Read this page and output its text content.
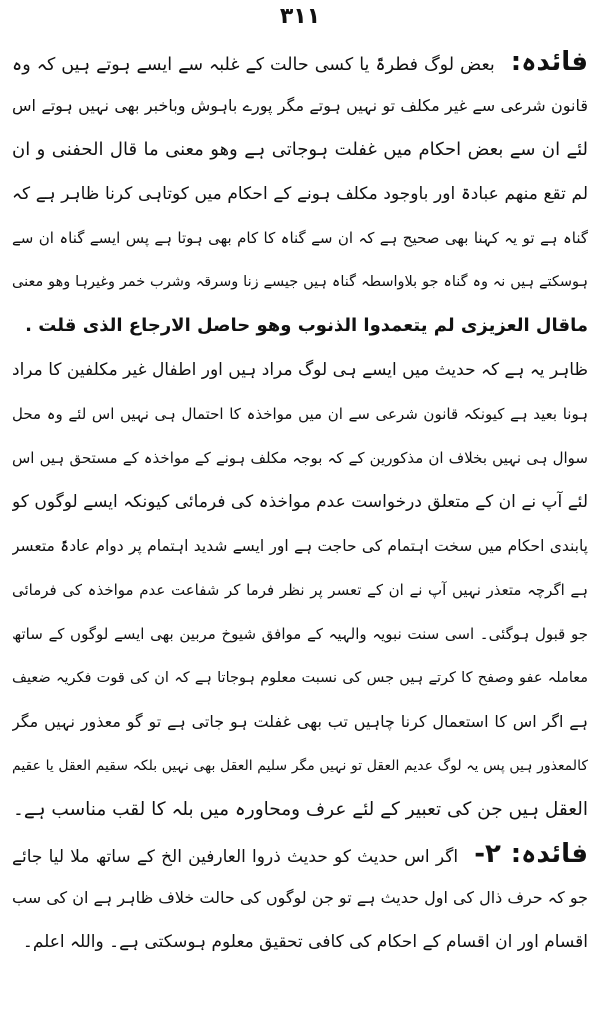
۳۱۱
فائدہ: بعض لوگ فطرۃً یا کسی حالت کے غلبہ سے ایسے ہوتے ہیں کہ وہ
قانون شرعی سے غیر مکلف تو نہیں ہوتے مگر پورے باہوش وباخبر بھی نہیں ہوتے اس
لئے ان سے بعض احکام میں غفلت ہوجاتی ہے وھو معنی ما قال الحفنی و ان
لم تقع منھم عبادۃ اور باوجود مکلف ہونے کے احکام میں کوتاہی کرنا ظاہر ہے کہ
گناہ ہے تو یہ کہنا بھی صحیح ہے کہ ان سے گناہ کا کام بھی ہوتا ہے پس ایسے گناہ ان سے
ہوسکتے ہیں نہ وہ گناہ جو بلاواسطہ گناہ ہیں جیسے زنا وسرقہ وشرب خمر وغیرہا وھو معنی
ماقال العزیزی لم یتعمدوا الذنوب وھو حاصل الارجاع الذی قلت .
ظاہر یہ ہے کہ حدیث میں ایسے ہی لوگ مراد ہیں اور اطفال غیر مکلفین کا مراد
ہونا بعید ہے کیونکہ قانون شرعی سے ان میں مواخذہ کا احتمال ہی نہیں اس لئے وہ محل
سوال ہی نہیں بخلاف ان مذکورین کے کہ بوجہ مکلف ہونے کے مواخذہ کے مستحق ہیں اس
لئے آپ نے ان کے متعلق درخواست عدم مواخذہ کی فرمائی کیونکہ ایسے لوگوں کو
پابندی احکام میں سخت اہتمام کی حاجت ہے اور ایسے شدید اہتمام پر دوام عادۃً متعسر
ہے اگرچہ متعذر نہیں آپ نے ان کے تعسر پر نظر فرما کر شفاعت عدم مواخذہ کی فرمائی
جو قبول ہوگئی۔ اسی سنت نبویہ والہیہ کے موافق شیوخ مربین بھی ایسے لوگوں کے ساتھ
معاملہ عفو وصفح کا کرتے ہیں جس کی نسبت معلوم ہوجاتا ہے کہ ان کی قوت فکریہ ضعیف
ہے اگر اس کا استعمال کرنا چاہیں تب بھی غفلت ہو جاتی ہے تو گو معذور نہیں مگر
کالمعذور ہیں پس یہ لوگ عدیم العقل تو نہیں مگر سلیم العقل بھی نہیں بلکہ سقیم العقل یا عقیم
العقل ہیں جن کی تعبیر کے لئے عرف ومحاورہ میں بلہ کا لقب مناسب ہے۔
فائدہ: ۲- اگر اس حدیث کو حدیث ذروا العارفین الخ کے ساتھ ملا لیا جائے
جو کہ حرف ذال کی اول حدیث ہے تو جن لوگوں کی حالت خلاف ظاہر ہے ان کی سب
اقسام اور ان اقسام کے احکام کی کافی تحقیق معلوم ہوسکتی ہے۔ واللہ اعلم۔
